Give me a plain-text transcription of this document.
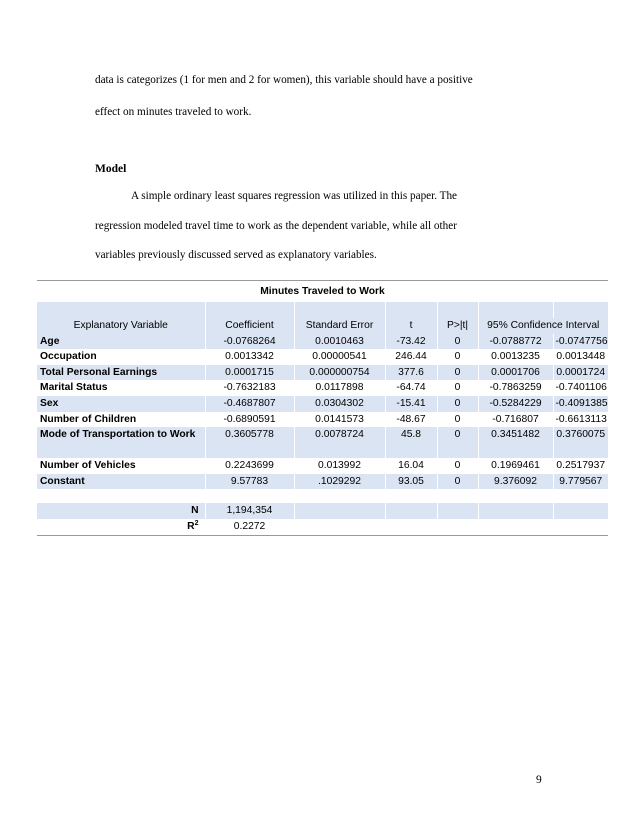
data is categorizes (1 for men and 2 for women), this variable should have a positive
effect on minutes traveled to work.
Model
A simple ordinary least squares regression was utilized in this paper. The
regression modeled travel time to work as the dependent variable, while all other
variables previously discussed served as explanatory variables.
Minutes Traveled to Work						

Explanatory Variable	Coefficient	Standard Error	t	P>|t|	95% Confidence Interval	
Age	-0.0768264	0.0010463	-73.42	0	-0.0788772	-0.0747756
Occupation	0.0013342	0.00000541	246.44	0	0.0013235	0.0013448
Total Personal Earnings	0.0001715	0.000000754	377.6	0	0.0001706	0.0001724
Marital Status	-0.7632183	0.0117898	-64.74	0	-0.7863259	-0.7401106
Sex	-0.4687807	0.0304302	-15.41	0	-0.5284229	-0.4091385
Number of Children	-0.6890591	0.0141573	-48.67	0	-0.716807	-0.6613113
Mode of Transportation to Work	0.3605778	0.0078724	45.8	0	0.3451482	0.3760075
Number of Vehicles	0.2243699	0.013992	16.04	0	0.1969461	0.2517937
Constant	9.57783	.1029292	93.05	0	9.376092	9.779567

N	1,194,354					
$R^2$	0.2272					
9
